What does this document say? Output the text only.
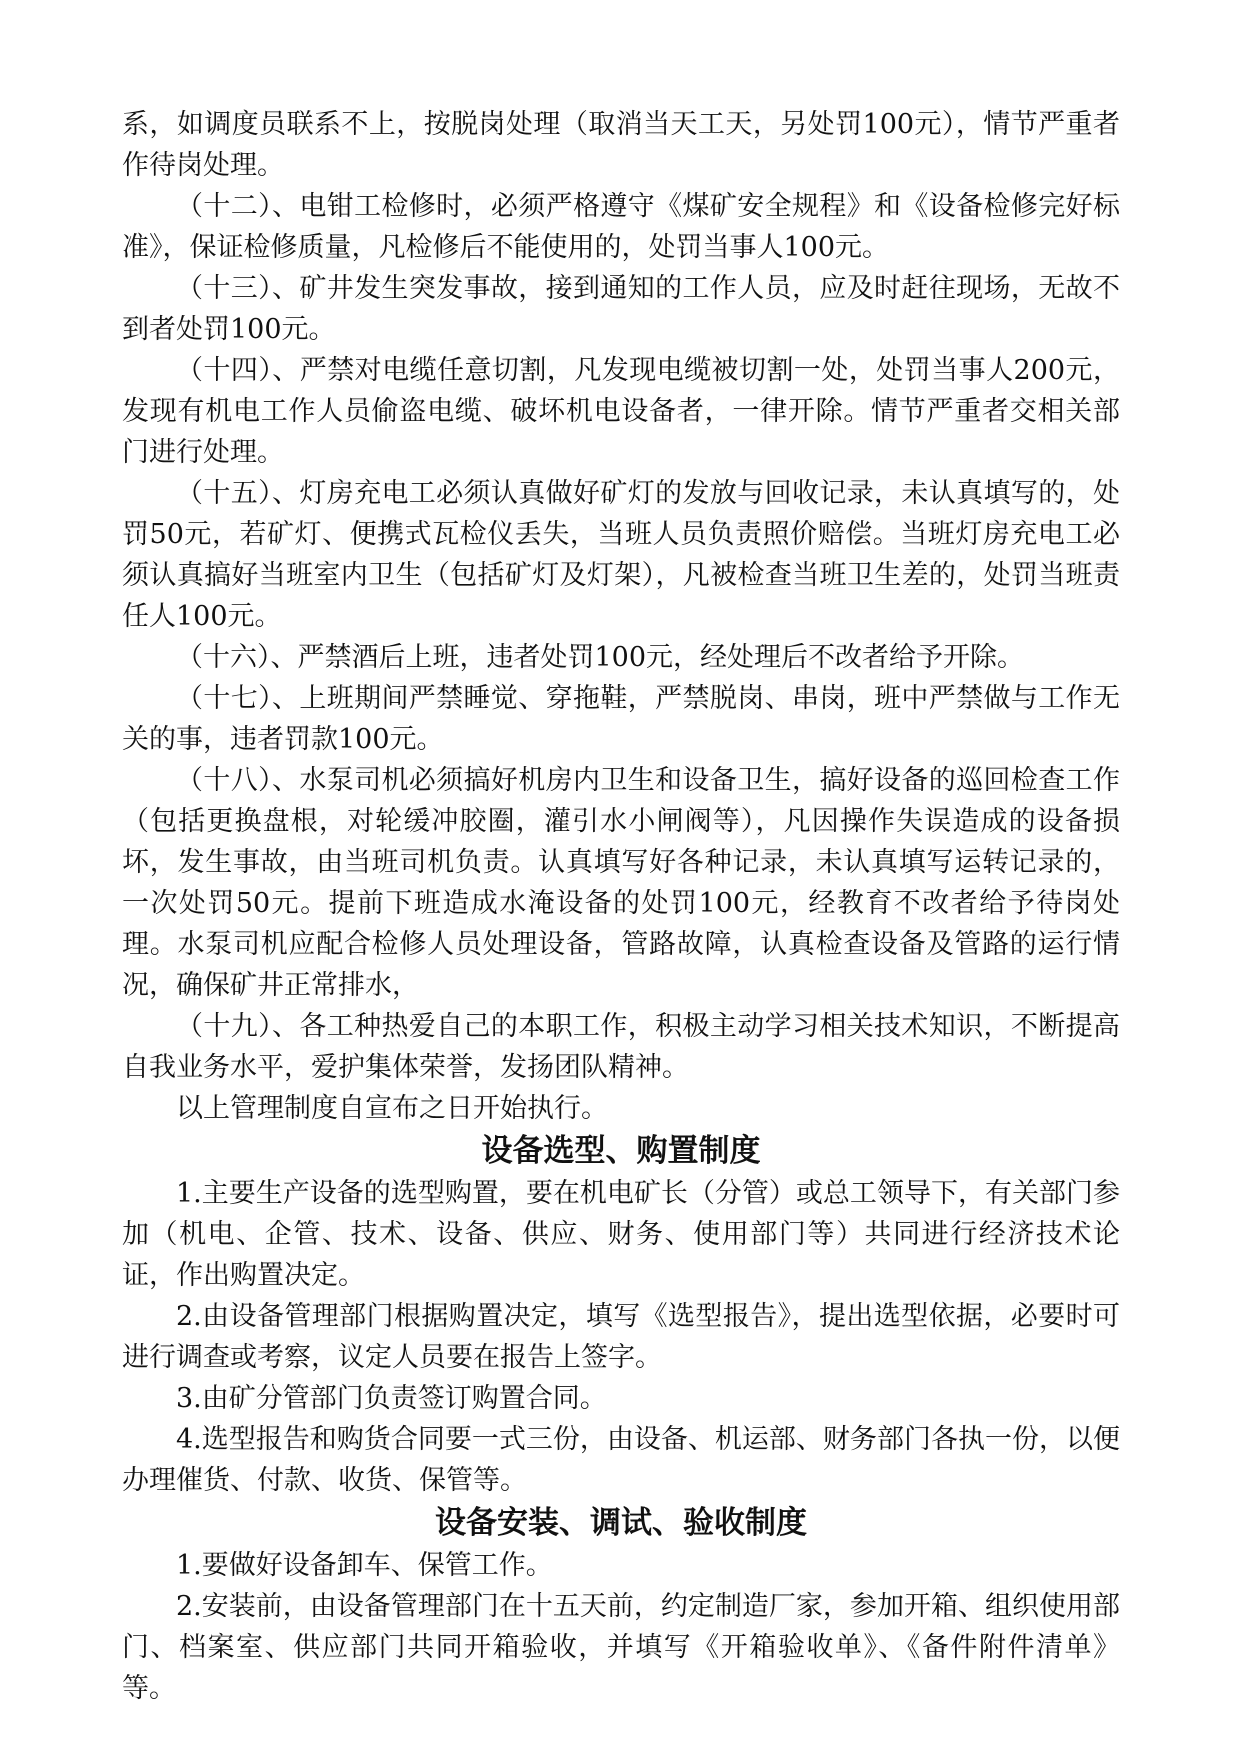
系，如调度员联系不上，按脱岗处理（取消当天工天，另处罚100元），情节严重者作待岗处理。

（十二）、电钳工检修时，必须严格遵守《煤矿安全规程》和《设备检修完好标准》，保证检修质量，凡检修后不能使用的，处罚当事人100元。

（十三）、矿井发生突发事故，接到通知的工作人员，应及时赶往现场，无故不到者处罚100元。

（十四）、严禁对电缆任意切割，凡发现电缆被切割一处，处罚当事人200元，发现有机电工作人员偷盗电缆、破坏机电设备者，一律开除。情节严重者交相关部门进行处理。

（十五）、灯房充电工必须认真做好矿灯的发放与回收记录，未认真填写的，处罚50元，若矿灯、便携式瓦检仪丢失，当班人员负责照价赔偿。当班灯房充电工必须认真搞好当班室内卫生（包括矿灯及灯架），凡被检查当班卫生差的，处罚当班责任人100元。

（十六）、严禁酒后上班，违者处罚100元，经处理后不改者给予开除。

（十七）、上班期间严禁睡觉、穿拖鞋，严禁脱岗、串岗，班中严禁做与工作无关的事，违者罚款100元。

（十八）、水泵司机必须搞好机房内卫生和设备卫生，搞好设备的巡回检查工作（包括更换盘根，对轮缓冲胶圈，灌引水小闸阀等），凡因操作失误造成的设备损坏，发生事故，由当班司机负责。认真填写好各种记录，未认真填写运转记录的，一次处罚50元。提前下班造成水淹设备的处罚100元，经教育不改者给予待岗处理。水泵司机应配合检修人员处理设备，管路故障，认真检查设备及管路的运行情况，确保矿井正常排水，

（十九）、各工种热爱自己的本职工作，积极主动学习相关技术知识，不断提高自我业务水平，爱护集体荣誉，发扬团队精神。

以上管理制度自宣布之日开始执行。

设备选型、购置制度

1.主要生产设备的选型购置，要在机电矿长（分管）或总工领导下，有关部门参加（机电、企管、技术、设备、供应、财务、使用部门等）共同进行经济技术论证，作出购置决定。

2.由设备管理部门根据购置决定，填写《选型报告》，提出选型依据，必要时可进行调查或考察，议定人员要在报告上签字。

3.由矿分管部门负责签订购置合同。

4.选型报告和购货合同要一式三份，由设备、机运部、财务部门各执一份，以便办理催货、付款、收货、保管等。

设备安装、调试、验收制度

1.要做好设备卸车、保管工作。

2.安装前，由设备管理部门在十五天前，约定制造厂家，参加开箱、组织使用部门、档案室、供应部门共同开箱验收，并填写《开箱验收单》、《备件附件清单》等。
